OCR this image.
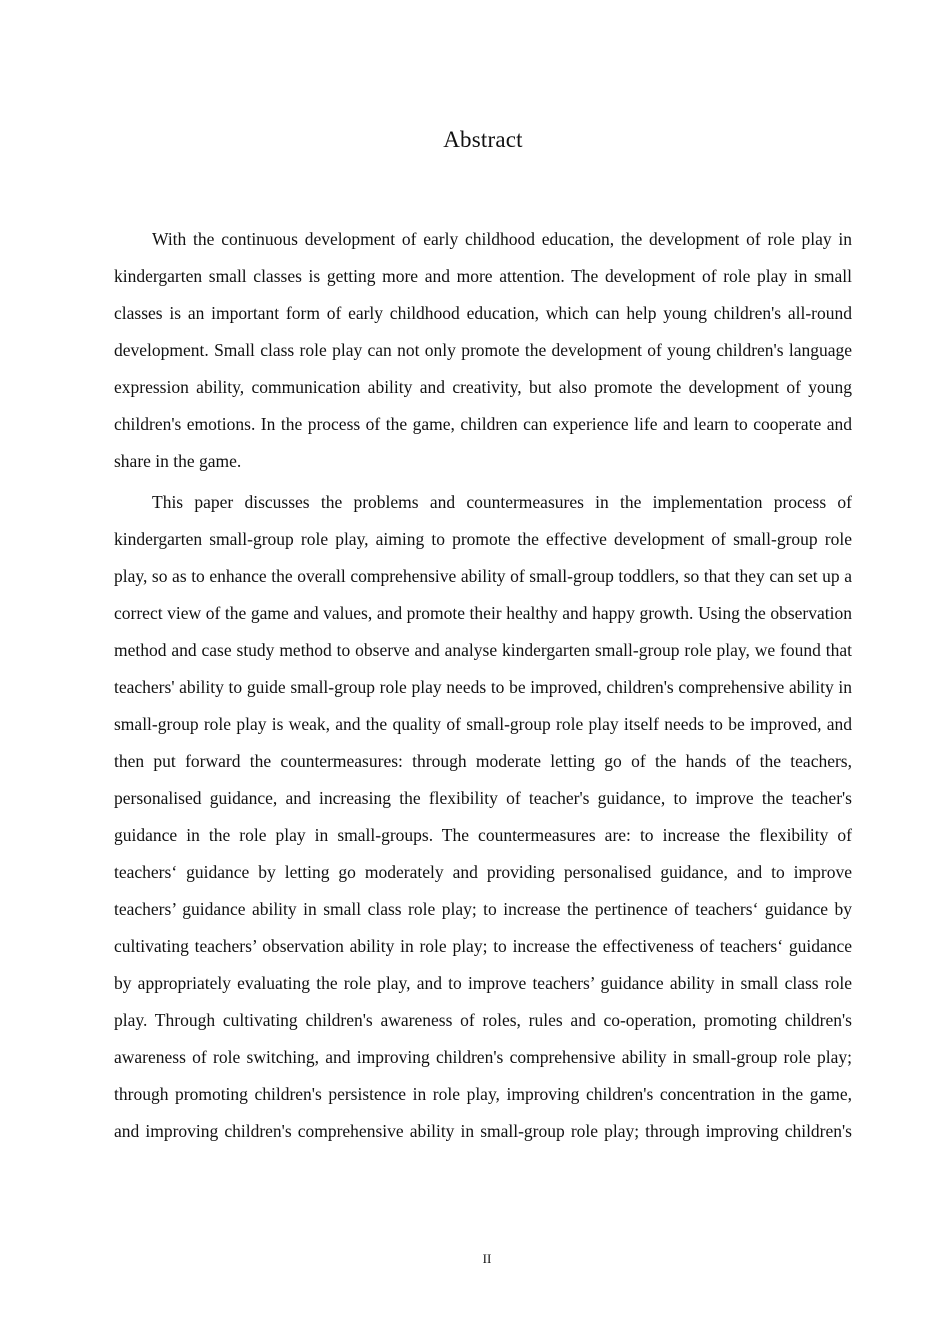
Abstract

With the continuous development of early childhood education, the development of role play in kindergarten small classes is getting more and more attention. The development of role play in small classes is an important form of early childhood education, which can help young children's all-round development. Small class role play can not only promote the development of young children's language expression ability, communication ability and creativity, but also promote the development of young children's emotions. In the process of the game, children can experience life and learn to cooperate and share in the game.

This paper discusses the problems and countermeasures in the implementation process of kindergarten small-group role play, aiming to promote the effective development of small-group role play, so as to enhance the overall comprehensive ability of small-group toddlers, so that they can set up a correct view of the game and values, and promote their healthy and happy growth. Using the observation method and case study method to observe and analyse kindergarten small-group role play, we found that teachers' ability to guide small-group role play needs to be improved, children's comprehensive ability in small-group role play is weak, and the quality of small-group role play itself needs to be improved, and then put forward the countermeasures: through moderate letting go of the hands of the teachers, personalised guidance, and increasing the flexibility of teacher's guidance, to improve the teacher's guidance in the role play in small-groups. The countermeasures are: to increase the flexibility of teachers‘ guidance by letting go moderately and providing personalised guidance, and to improve teachers’ guidance ability in small class role play; to increase the pertinence of teachers‘ guidance by cultivating teachers’ observation ability in role play; to increase the effectiveness of teachers‘ guidance by appropriately evaluating the role play, and to improve teachers’ guidance ability in small class role play. Through cultivating children's awareness of roles, rules and co-operation, promoting children's awareness of role switching, and improving children's comprehensive ability in small-group role play; through promoting children's persistence in role play, improving children's concentration in the game, and improving children's comprehensive ability in small-group role play; through improving children's

II
